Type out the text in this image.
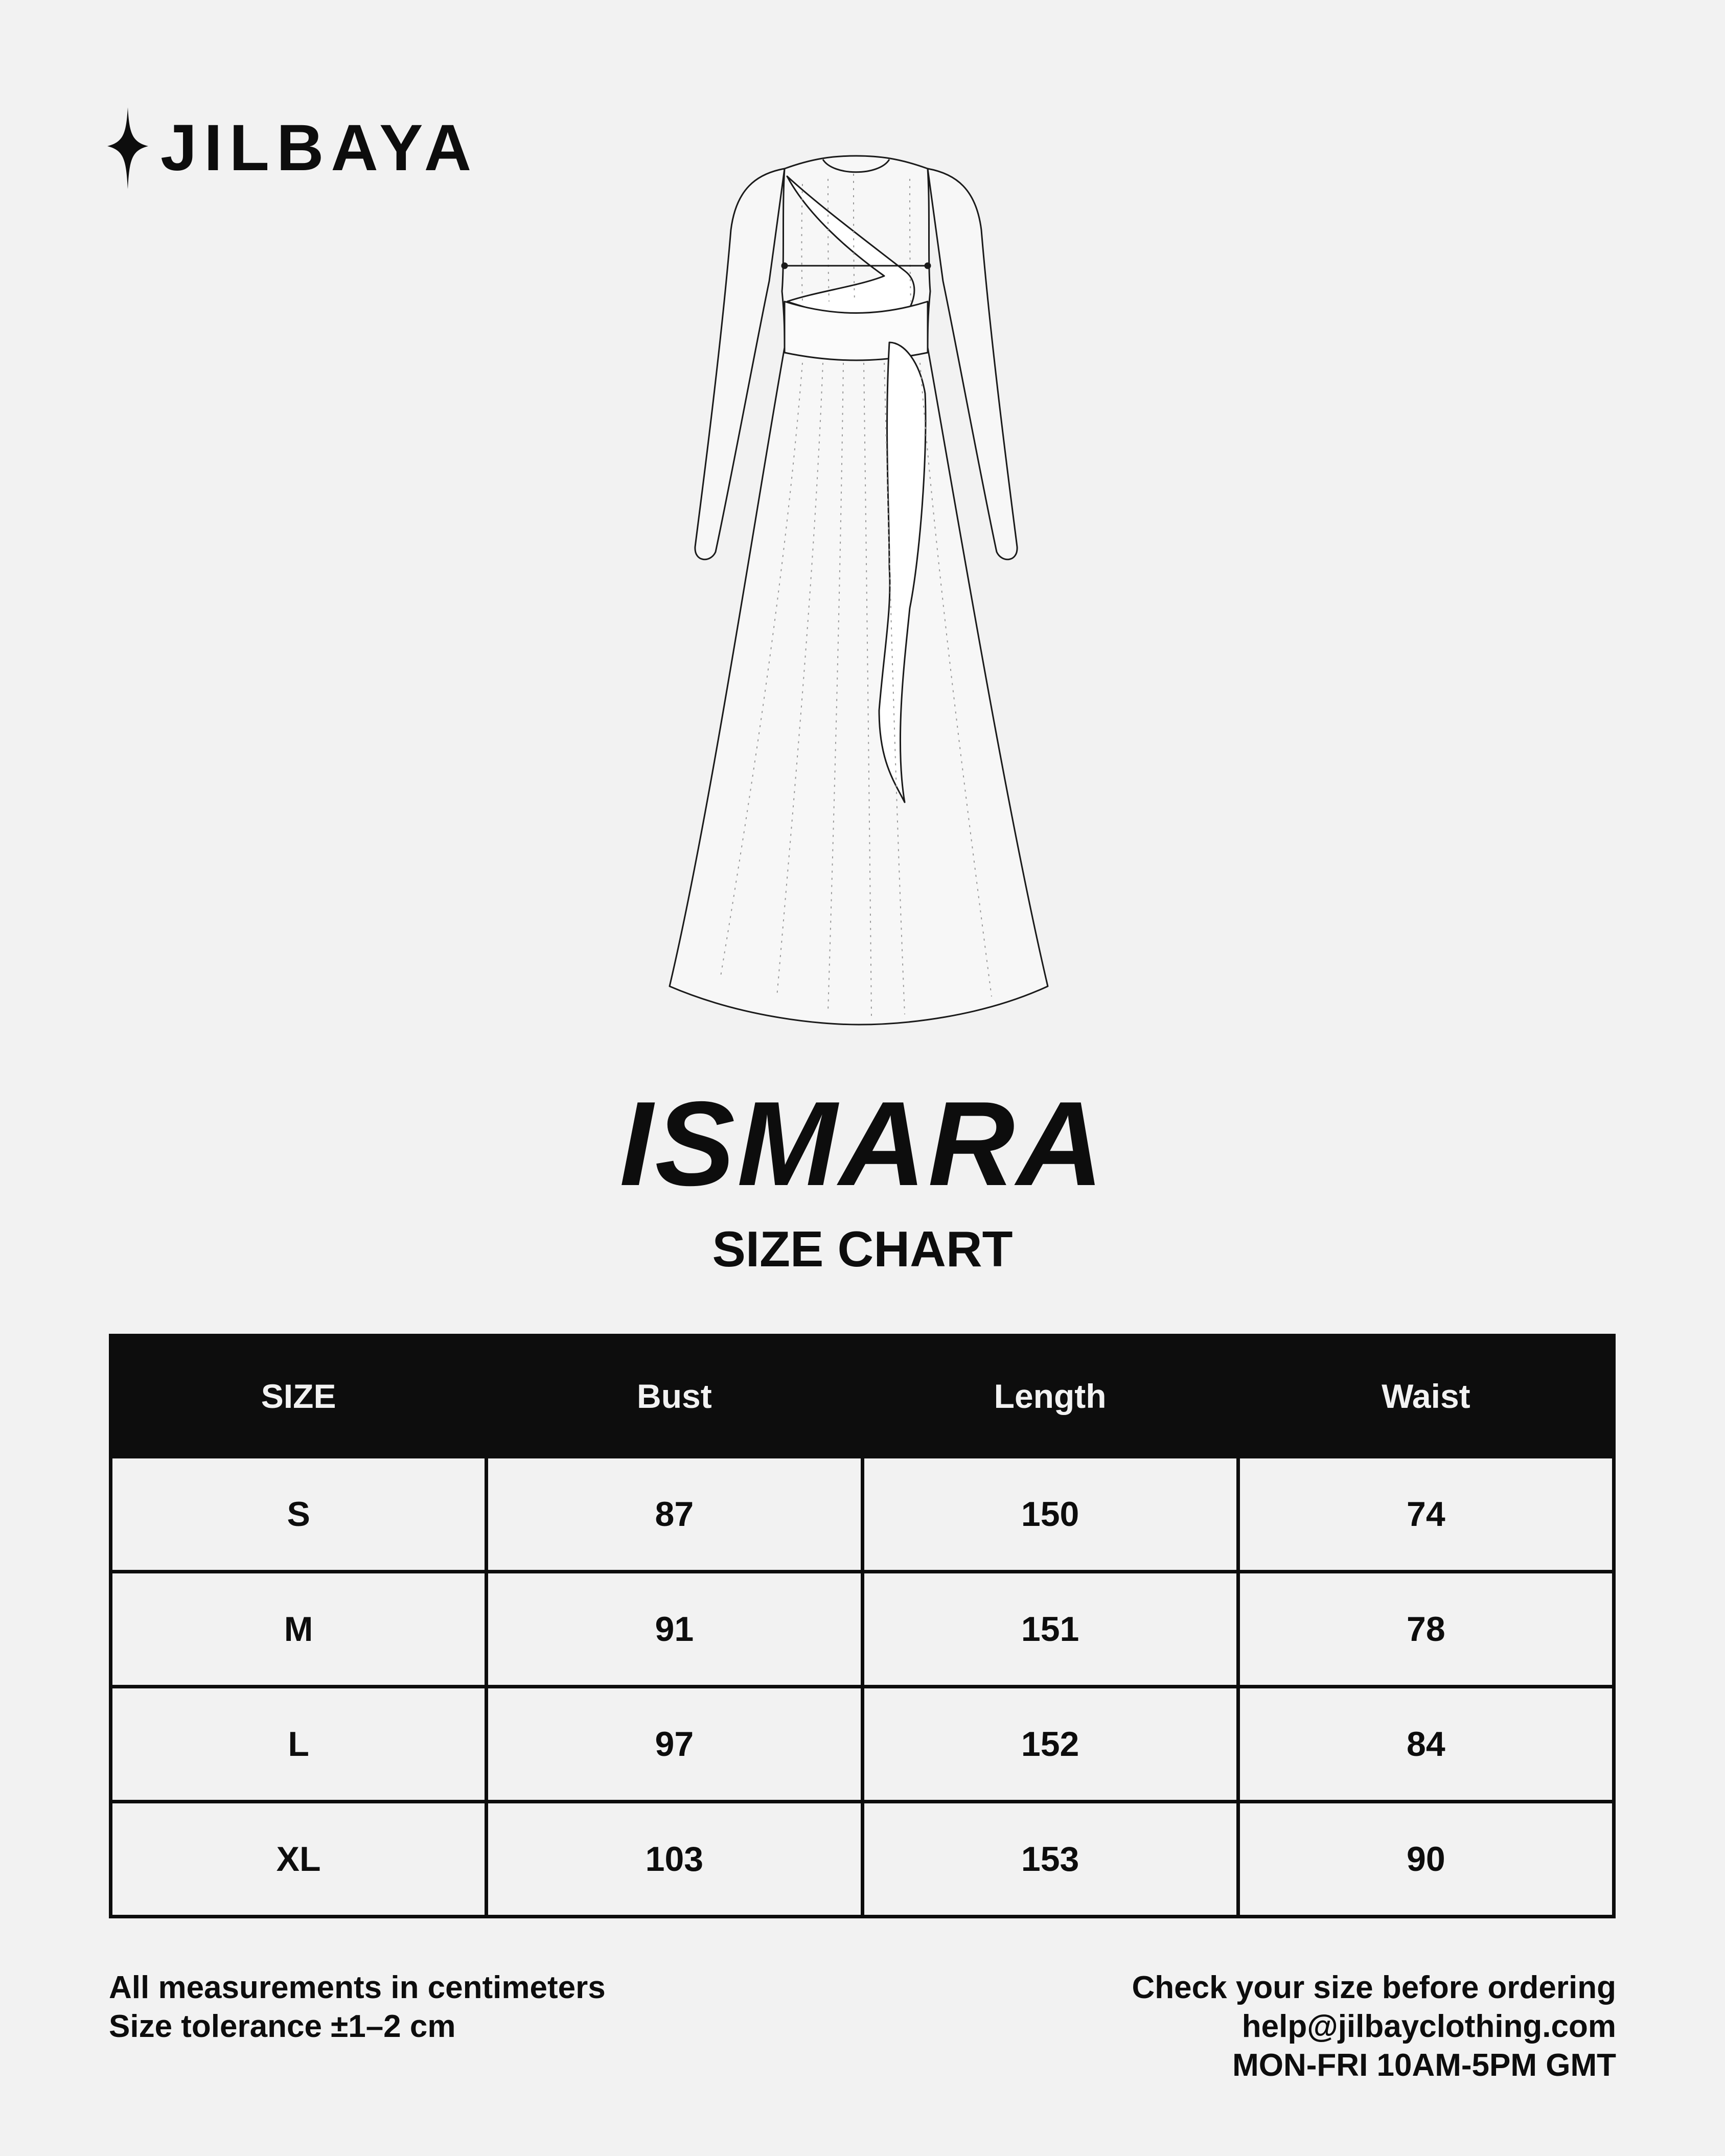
JILBAYA
ISMARA
SIZE CHART
SIZE	Bust	Length	Waist
S	87	150	74
M	91	151	78
L	97	152	84
XL	103	153	90
All measurements in centimeters
Size tolerance ±1–2 cm
Check your size before ordering
help@jilbayclothing.com
MON-FRI 10AM-5PM GMT
